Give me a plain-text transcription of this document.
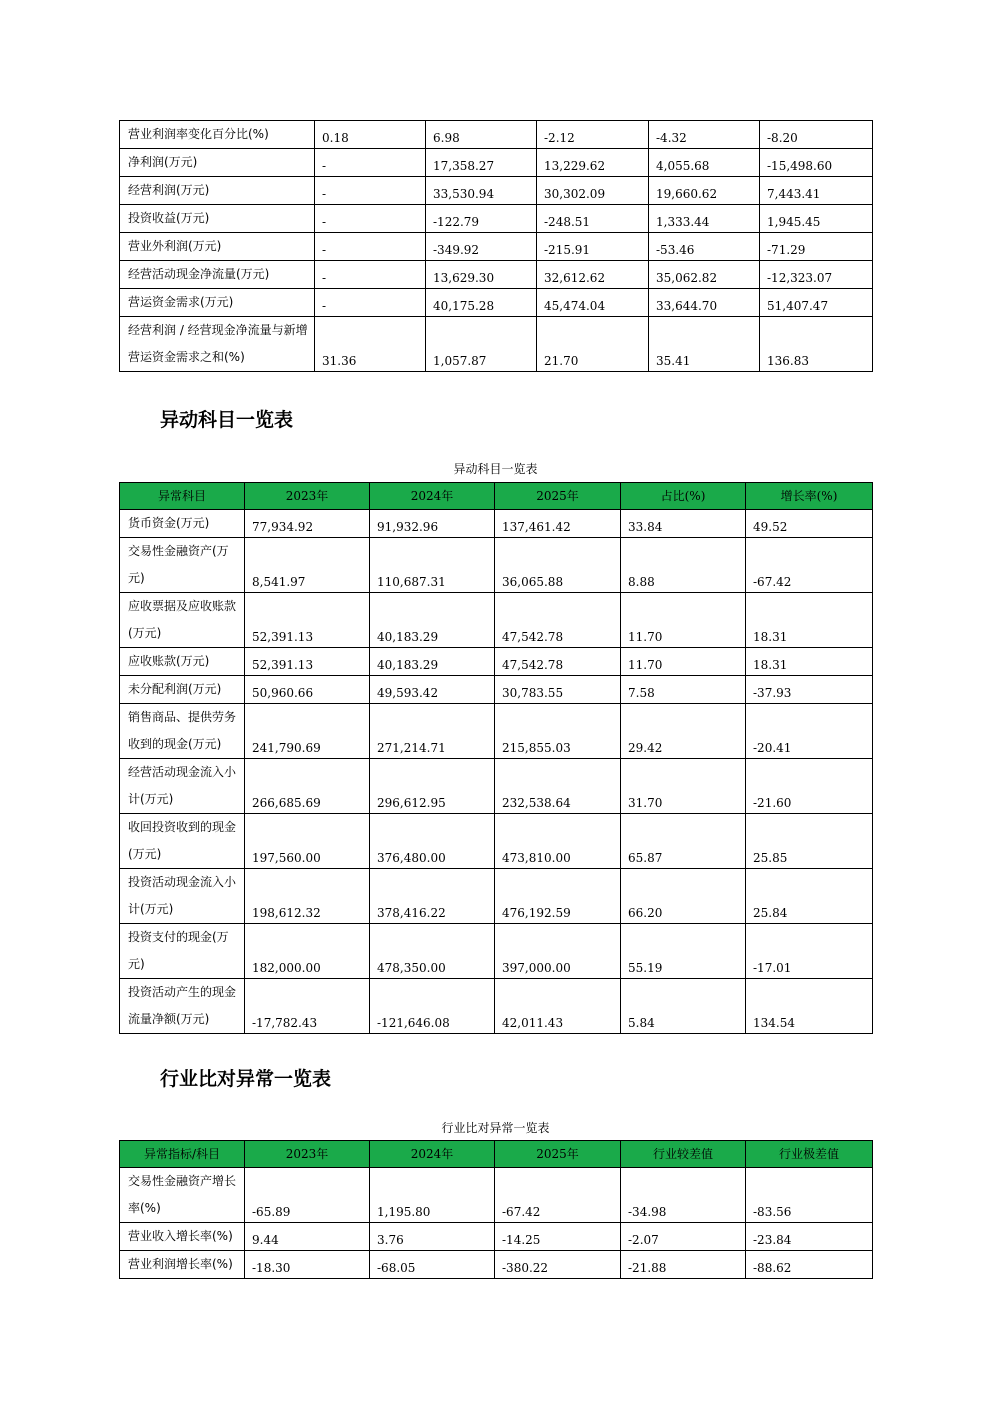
营业利润率变化百分比(%)	0.18	6.98	-2.12	-4.32	-8.20
净利润(万元)	-	17,358.27	13,229.62	4,055.68	-15,498.60
经营利润(万元)	-	33,530.94	30,302.09	19,660.62	7,443.41
投资收益(万元)	-	-122.79	-248.51	1,333.44	1,945.45
营业外利润(万元)	-	-349.92	-215.91	-53.46	-71.29
经营活动现金净流量(万元)	-	13,629.30	32,612.62	35,062.82	-12,323.07
营运资金需求(万元)	-	40,175.28	45,474.04	33,644.70	51,407.47
经营利润 / 经营现金净流量与新增营运资金需求之和(%)	31.36	1,057.87	21.70	35.41	136.83
异动科目一览表
异动科目一览表
异常科目	2023年	2024年	2025年	占比(%)	增长率(%)
货币资金(万元)	77,934.92	91,932.96	137,461.42	33.84	49.52
交易性金融资产(万元)	8,541.97	110,687.31	36,065.88	8.88	-67.42
应收票据及应收账款(万元)	52,391.13	40,183.29	47,542.78	11.70	18.31
应收账款(万元)	52,391.13	40,183.29	47,542.78	11.70	18.31
未分配利润(万元)	50,960.66	49,593.42	30,783.55	7.58	-37.93
销售商品、提供劳务收到的现金(万元)	241,790.69	271,214.71	215,855.03	29.42	-20.41
经营活动现金流入小计(万元)	266,685.69	296,612.95	232,538.64	31.70	-21.60
收回投资收到的现金(万元)	197,560.00	376,480.00	473,810.00	65.87	25.85
投资活动现金流入小计(万元)	198,612.32	378,416.22	476,192.59	66.20	25.84
投资支付的现金(万元)	182,000.00	478,350.00	397,000.00	55.19	-17.01
投资活动产生的现金流量净额(万元)	-17,782.43	-121,646.08	42,011.43	5.84	134.54
行业比对异常一览表
行业比对异常一览表
异常指标/科目	2023年	2024年	2025年	行业较差值	行业极差值
交易性金融资产增长率(%)	-65.89	1,195.80	-67.42	-34.98	-83.56
营业收入增长率(%)	9.44	3.76	-14.25	-2.07	-23.84
营业利润增长率(%)	-18.30	-68.05	-380.22	-21.88	-88.62
